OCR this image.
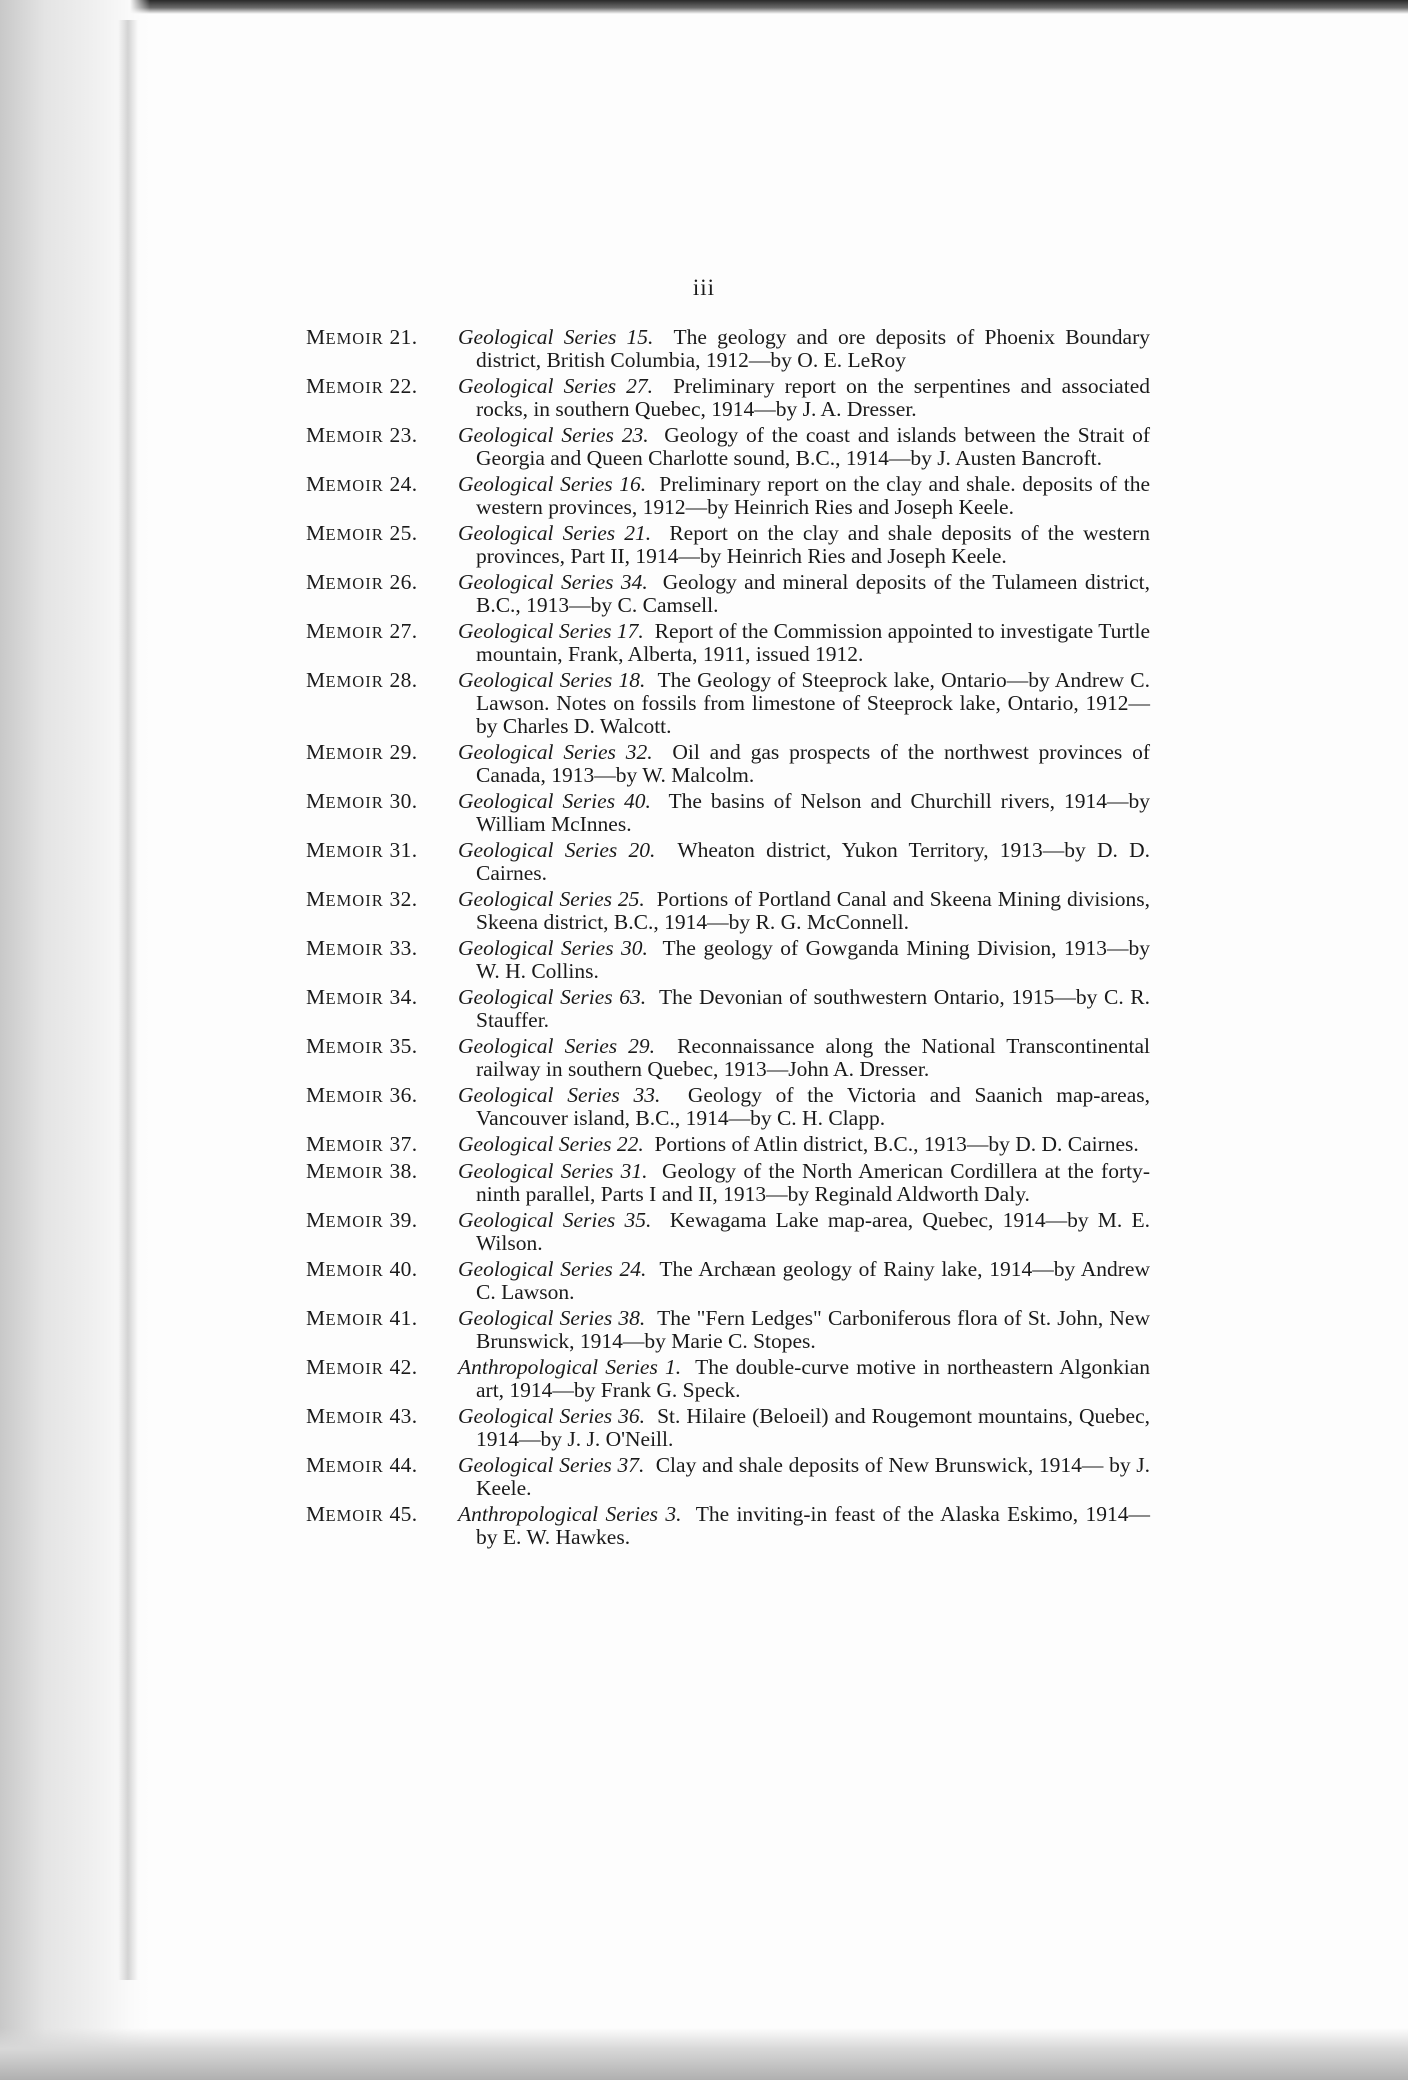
iii
MEMOIR 21.	Geological Series 15. The geology and ore deposits of Phoenix Boundary district, British Columbia, 1912—by O. E. LeRoy
MEMOIR 22.	Geological Series 27. Preliminary report on the serpentines and associated rocks, in southern Quebec, 1914—by J. A. Dresser.
MEMOIR 23.	Geological Series 23. Geology of the coast and islands between the Strait of Georgia and Queen Charlotte sound, B.C., 1914—by J. Austen Bancroft.
MEMOIR 24.	Geological Series 16. Preliminary report on the clay and shale. deposits of the western provinces, 1912—by Heinrich Ries and Joseph Keele.
MEMOIR 25.	Geological Series 21. Report on the clay and shale deposits of the western provinces, Part II, 1914—by Heinrich Ries and Joseph Keele.
MEMOIR 26.	Geological Series 34. Geology and mineral deposits of the Tulameen district, B.C., 1913—by C. Camsell.
MEMOIR 27.	Geological Series 17. Report of the Commission appointed to investigate Turtle mountain, Frank, Alberta, 1911, issued 1912.
MEMOIR 28.	Geological Series 18. The Geology of Steeprock lake, Ontario—by Andrew C. Lawson. Notes on fossils from limestone of Steeprock lake, Ontario, 1912—by Charles D. Walcott.
MEMOIR 29.	Geological Series 32. Oil and gas prospects of the northwest provinces of Canada, 1913—by W. Malcolm.
MEMOIR 30.	Geological Series 40. The basins of Nelson and Churchill rivers, 1914—by William McInnes.
MEMOIR 31.	Geological Series 20. Wheaton district, Yukon Territory, 1913—by D. D. Cairnes.
MEMOIR 32.	Geological Series 25. Portions of Portland Canal and Skeena Mining divisions, Skeena district, B.C., 1914—by R. G. McConnell.
MEMOIR 33.	Geological Series 30. The geology of Gowganda Mining Division, 1913—by W. H. Collins.
MEMOIR 34.	Geological Series 63. The Devonian of southwestern Ontario, 1915—by C. R. Stauffer.
MEMOIR 35.	Geological Series 29. Reconnaissance along the National Transcontinental railway in southern Quebec, 1913—John A. Dresser.
MEMOIR 36.	Geological Series 33. Geology of the Victoria and Saanich map-areas, Vancouver island, B.C., 1914—by C. H. Clapp.
MEMOIR 37.	Geological Series 22. Portions of Atlin district, B.C., 1913—by D. D. Cairnes.
MEMOIR 38.	Geological Series 31. Geology of the North American Cordillera at the forty-ninth parallel, Parts I and II, 1913—by Reginald Aldworth Daly.
MEMOIR 39.	Geological Series 35. Kewagama Lake map-area, Quebec, 1914—by M. E. Wilson.
MEMOIR 40.	Geological Series 24. The Archæan geology of Rainy lake, 1914—by Andrew C. Lawson.
MEMOIR 41.	Geological Series 38. The "Fern Ledges" Carboniferous flora of St. John, New Brunswick, 1914—by Marie C. Stopes.
MEMOIR 42.	Anthropological Series 1. The double-curve motive in northeastern Algonkian art, 1914—by Frank G. Speck.
MEMOIR 43.	Geological Series 36. St. Hilaire (Beloeil) and Rougemont mountains, Quebec, 1914—by J. J. O'Neill.
MEMOIR 44.	Geological Series 37. Clay and shale deposits of New Brunswick, 1914— by J. Keele.
MEMOIR 45.	Anthropological Series 3. The inviting-in feast of the Alaska Eskimo, 1914—by E. W. Hawkes.
